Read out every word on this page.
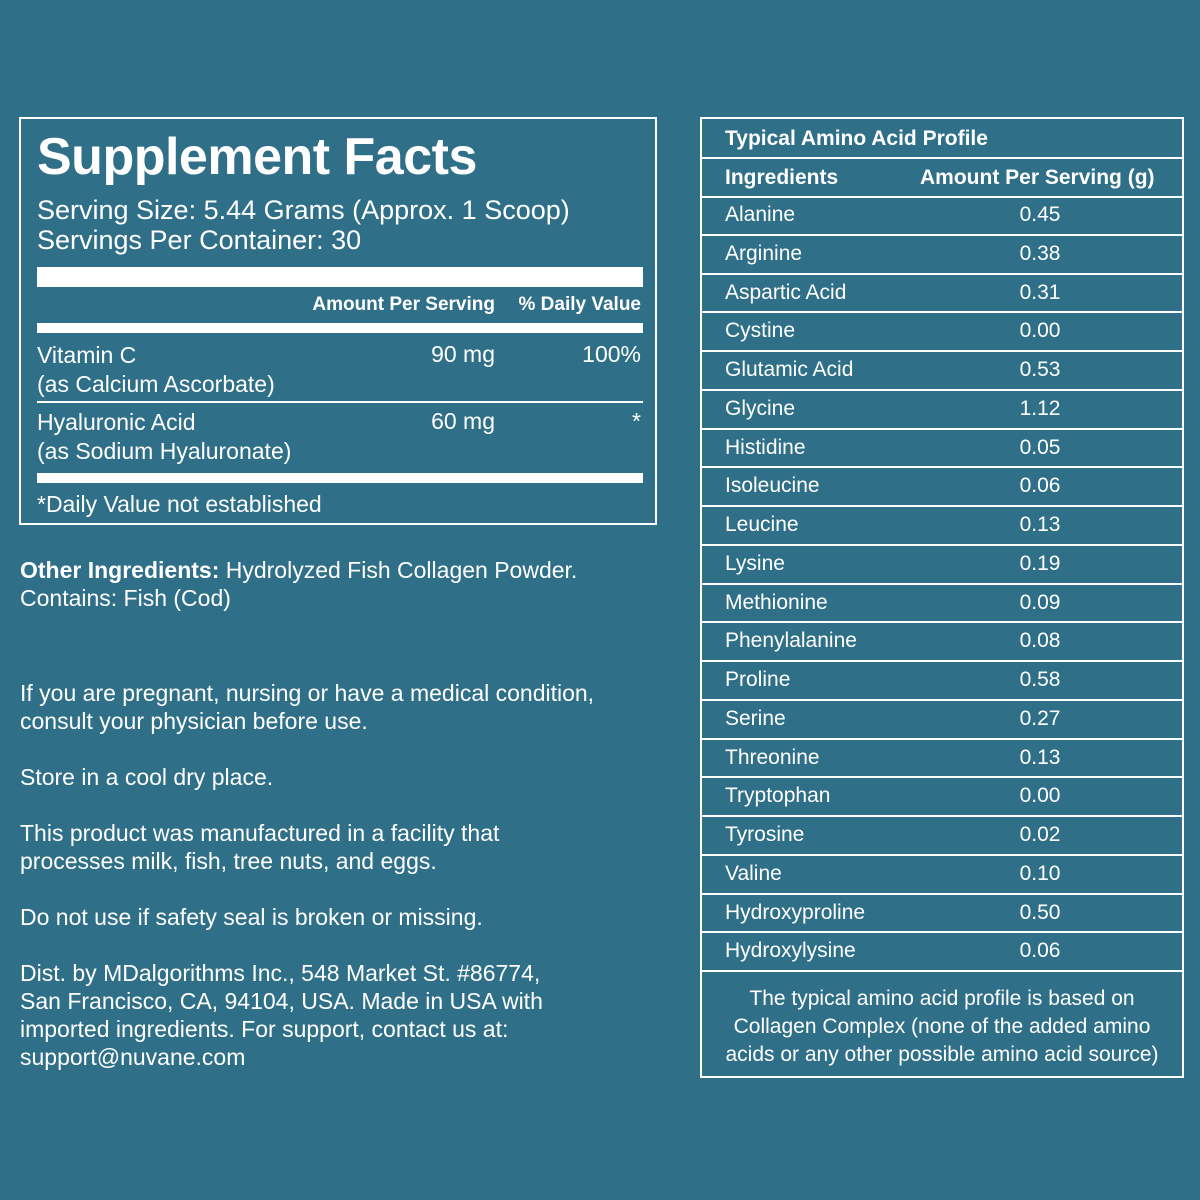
Supplement Facts
Serving Size: 5.44 Grams (Approx. 1 Scoop)
Servings Per Container: 30
Amount Per Serving % Daily Value
Vitamin C
(as Calcium Ascorbate)
90 mg	100%
Hyaluronic Acid
(as Sodium Hyaluronate)
60 mg	*
*Daily Value not established
Other Ingredients: Hydrolyzed Fish Collagen Powder.
Contains: Fish (Cod)
If you are pregnant, nursing or have a medical condition,
consult your physician before use.
Store in a cool dry place.
This product was manufactured in a facility that
processes milk, fish, tree nuts, and eggs.
Do not use if safety seal is broken or missing.
Dist. by MDalgorithms Inc., 548 Market St. #86774,
San Francisco, CA, 94104, USA. Made in USA with
imported ingredients. For support, contact us at:
support@nuvane.com
Typical Amino Acid Profile
Ingredients	Amount Per Serving (g)
Alanine	0.45
Arginine	0.38
Aspartic Acid	0.31
Cystine	0.00
Glutamic Acid	0.53
Glycine	1.12
Histidine	0.05
Isoleucine	0.06
Leucine	0.13
Lysine	0.19
Methionine	0.09
Phenylalanine	0.08
Proline	0.58
Serine	0.27
Threonine	0.13
Tryptophan	0.00
Tyrosine	0.02
Valine	0.10
Hydroxyproline	0.50
Hydroxylysine	0.06
The typical amino acid profile is based on
Collagen Complex (none of the added amino
acids or any other possible amino acid source)
